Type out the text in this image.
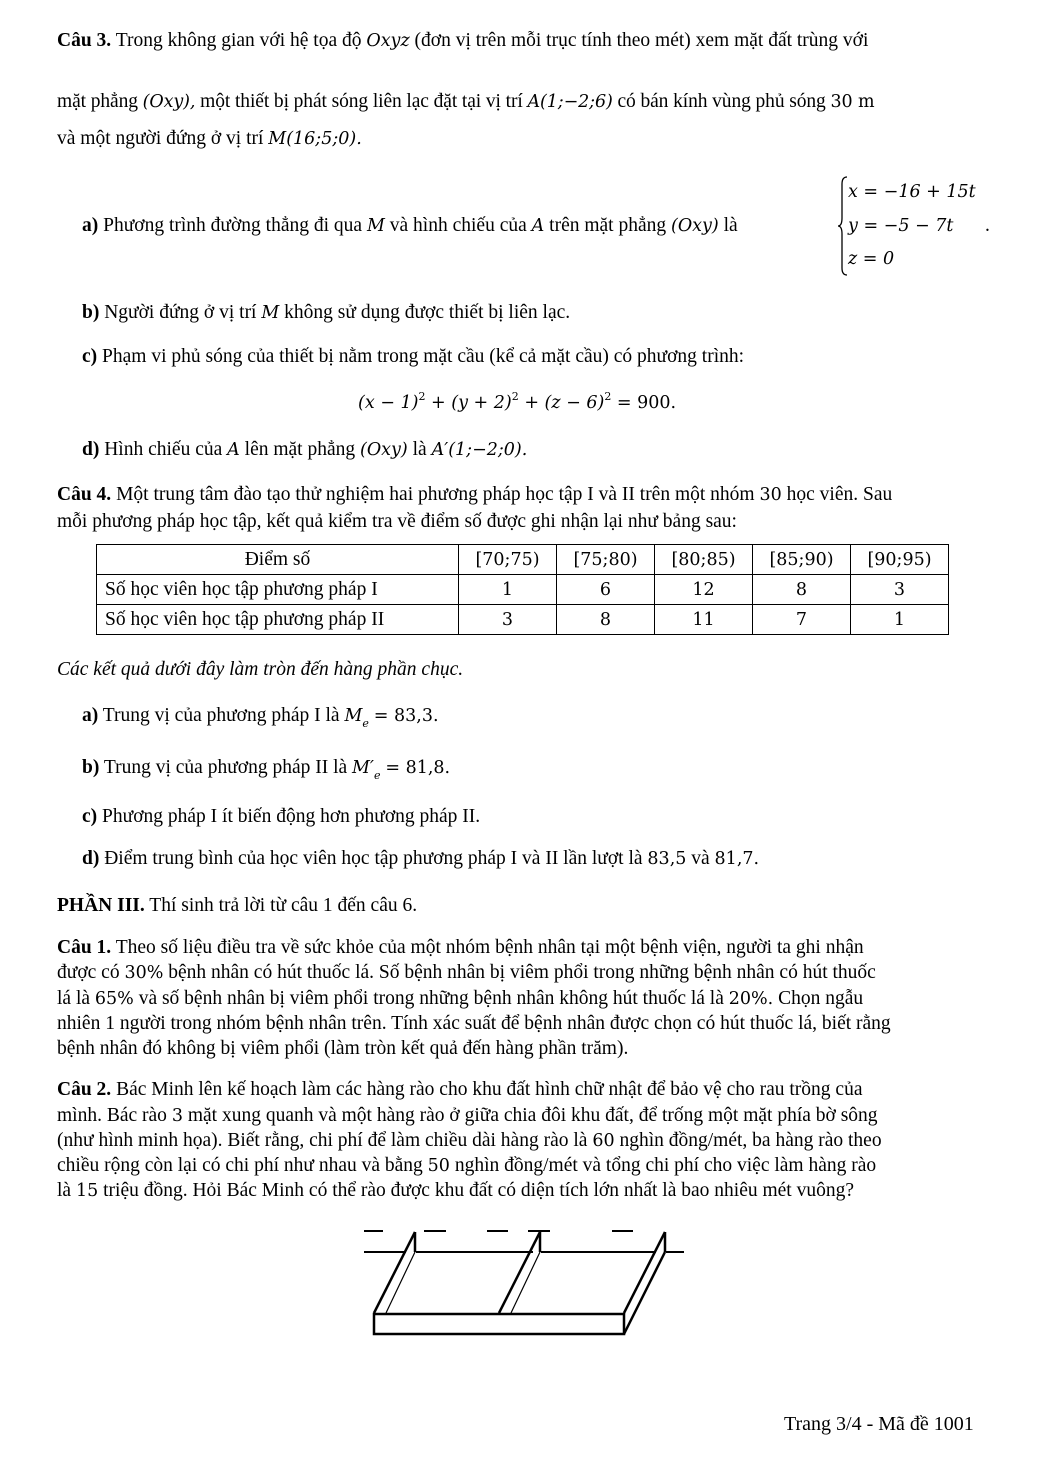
Câu 3. Trong không gian với hệ tọa độ Oxyz (đơn vị trên mỗi trục tính theo mét) xem mặt đất trùng với
mặt phẳng (Oxy), một thiết bị phát sóng liên lạc đặt tại vị trí A(1;−2;6) có bán kính vùng phủ sóng 30 m
và một người đứng ở vị trí M(16;5;0).
a) Phương trình đường thẳng đi qua M và hình chiếu của A trên mặt phẳng (Oxy) là
x = −16 + 15t
y = −5 − 7t
z = 0
.
b) Người đứng ở vị trí M không sử dụng được thiết bị liên lạc.
c) Phạm vi phủ sóng của thiết bị nằm trong mặt cầu (kể cả mặt cầu) có phương trình:
$(x - 1)^2 + (y + 2)^2 + (z - 6)^2 = 900$.
d) Hình chiếu của A lên mặt phẳng (Oxy) là A′(1;−2;0).
Câu 4. Một trung tâm đào tạo thử nghiệm hai phương pháp học tập I và II trên một nhóm 30 học viên. Sau
mỗi phương pháp học tập, kết quả kiểm tra về điểm số được ghi nhận lại như bảng sau:
Điểm số	[70;75)	[75;80)	[80;85)	[85;90)	[90;95)
Số học viên học tập phương pháp I	1	6	12	8	3
Số học viên học tập phương pháp II	3	8	11	7	1
Các kết quả dưới đây làm tròn đến hàng phần chục.
a) Trung vị của phương pháp I là $M_e = 83,3$.
b) Trung vị của phương pháp II là $M'_e = 81,8$.
c) Phương pháp I ít biến động hơn phương pháp II.
d) Điểm trung bình của học viên học tập phương pháp I và II lần lượt là 83,5 và 81,7.
PHẦN III. Thí sinh trả lời từ câu 1 đến câu 6.
Câu 1. Theo số liệu điều tra về sức khỏe của một nhóm bệnh nhân tại một bệnh viện, người ta ghi nhận
được có 30% bệnh nhân có hút thuốc lá. Số bệnh nhân bị viêm phổi trong những bệnh nhân có hút thuốc
lá là 65% và số bệnh nhân bị viêm phổi trong những bệnh nhân không hút thuốc lá là 20%. Chọn ngẫu
nhiên 1 người trong nhóm bệnh nhân trên. Tính xác suất để bệnh nhân được chọn có hút thuốc lá, biết rằng
bệnh nhân đó không bị viêm phổi (làm tròn kết quả đến hàng phần trăm).
Câu 2. Bác Minh lên kế hoạch làm các hàng rào cho khu đất hình chữ nhật để bảo vệ cho rau trồng của
mình. Bác rào 3 mặt xung quanh và một hàng rào ở giữa chia đôi khu đất, để trống một mặt phía bờ sông
(như hình minh họa). Biết rằng, chi phí để làm chiều dài hàng rào là 60 nghìn đồng/mét, ba hàng rào theo
chiều rộng còn lại có chi phí như nhau và bằng 50 nghìn đồng/mét và tổng chi phí cho việc làm hàng rào
là 15 triệu đồng. Hỏi Bác Minh có thể rào được khu đất có diện tích lớn nhất là bao nhiêu mét vuông?
Trang 3/4 - Mã đề 1001
